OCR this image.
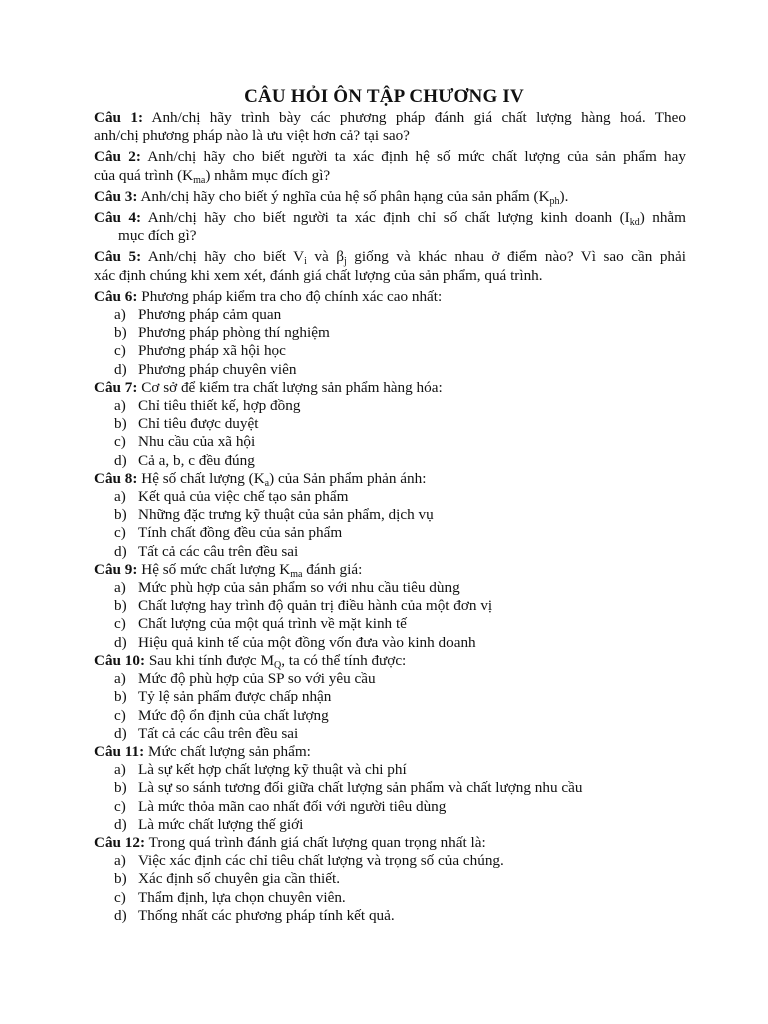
CÂU HỎI ÔN TẬP CHƯƠNG IV

Câu 1: Anh/chị hãy trình bày các phương pháp đánh giá chất lượng hàng hoá. Theo
anh/chị phương pháp nào là ưu việt hơn cả? tại sao?

Câu 2: Anh/chị hãy cho biết người ta xác định hệ số mức chất lượng của sản phẩm hay
của quá trình $(K_{ma})$ nhằm mục đích gì?

Câu 3: Anh/chị hãy cho biết ý nghĩa của hệ số phân hạng của sản phẩm $(K_{ph})$.

Câu 4: Anh/chị hãy cho biết người ta xác định chỉ số chất lượng kinh doanh $(I_{kd})$ nhằm
mục đích gì?

Câu 5: Anh/chị hãy cho biết $V_i$ và $\beta_j$ giống và khác nhau ở điểm nào? Vì sao cần phải
xác định chúng khi xem xét, đánh giá chất lượng của sản phẩm, quá trình.

Câu 6: Phương pháp kiểm tra cho độ chính xác cao nhất:
a) Phương pháp cảm quan
b) Phương pháp phòng thí nghiệm
c) Phương pháp xã hội học
d) Phương pháp chuyên viên
Câu 7: Cơ sở để kiểm tra chất lượng sản phẩm hàng hóa:
a) Chỉ tiêu thiết kế, hợp đồng
b) Chỉ tiêu được duyệt
c) Nhu cầu của xã hội
d) Cả a, b, c đều đúng
Câu 8: Hệ số chất lượng $(K_a)$ của Sản phẩm phản ánh:
a) Kết quả của việc chế tạo sản phẩm
b) Những đặc trưng kỹ thuật của sản phẩm, dịch vụ
c) Tính chất đồng đều của sản phẩm
d) Tất cả các câu trên đều sai
Câu 9: Hệ số mức chất lượng $K_{ma}$ đánh giá:
a) Mức phù hợp của sản phẩm so với nhu cầu tiêu dùng
b) Chất lượng hay trình độ quản trị điều hành của một đơn vị
c) Chất lượng của một quá trình về mặt kinh tế
d) Hiệu quả kinh tế của một đồng vốn đưa vào kinh doanh
Câu 10: Sau khi tính được $M_Q$, ta có thể tính được:
a) Mức độ phù hợp của SP so với yêu cầu
b) Tỷ lệ sản phẩm được chấp nhận
c) Mức độ ổn định của chất lượng
d) Tất cả các câu trên đều sai
Câu 11: Mức chất lượng sản phẩm:
a) Là sự kết hợp chất lượng kỹ thuật và chi phí
b) Là sự so sánh tương đối giữa chất lượng sản phẩm và chất lượng nhu cầu
c) Là mức thỏa mãn cao nhất đối với người tiêu dùng
d) Là mức chất lượng thế giới
Câu 12: Trong quá trình đánh giá chất lượng quan trọng nhất là:
a) Việc xác định các chỉ tiêu chất lượng và trọng số của chúng.
b) Xác định số chuyên gia cần thiết.
c) Thẩm định, lựa chọn chuyên viên.
d) Thống nhất các phương pháp tính kết quả.
